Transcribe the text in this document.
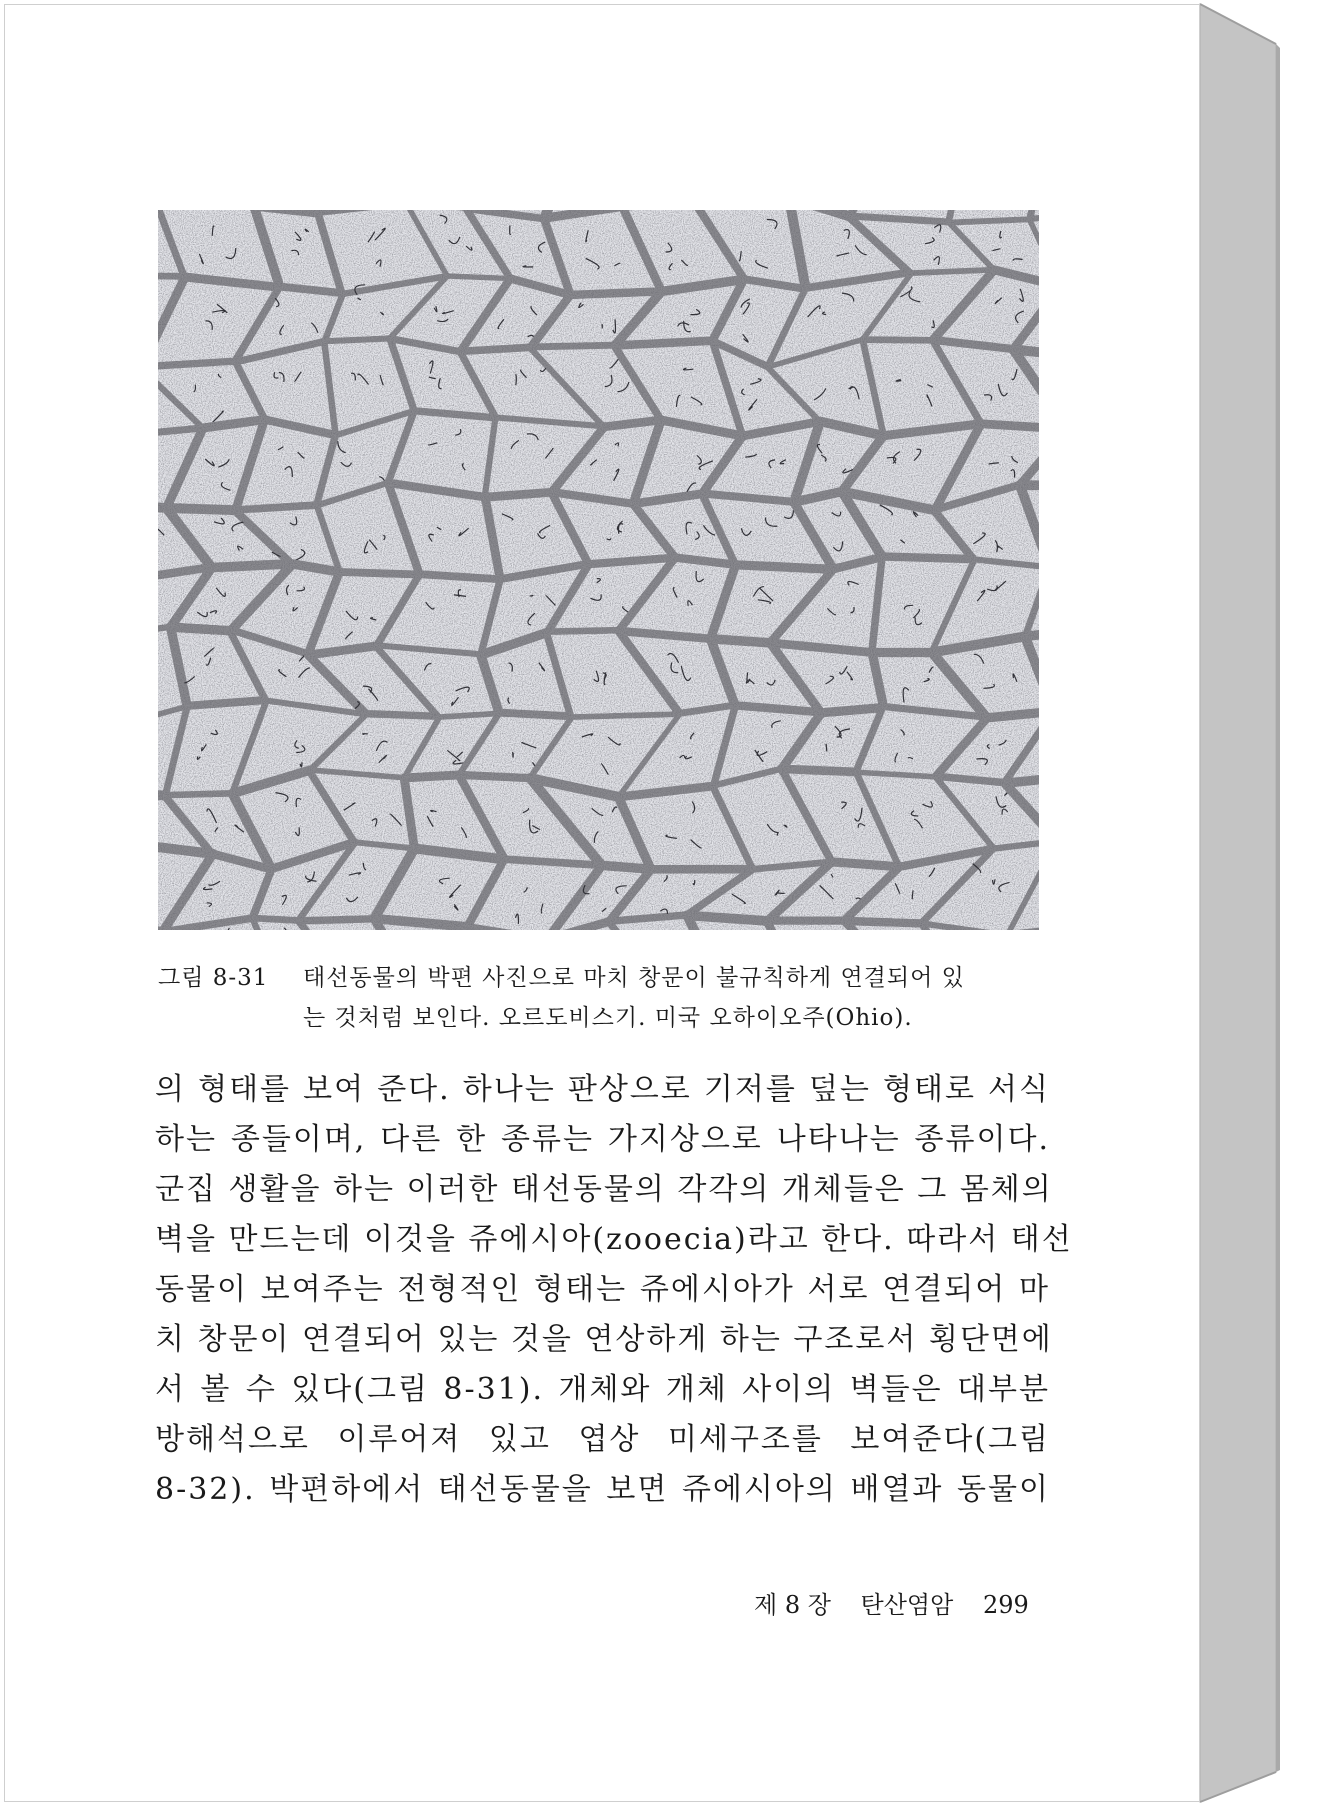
그림 8-31 태선동물의 박편 사진으로 마치 창문이 불규칙하게 연결되어 있
는 것처럼 보인다. 오르도비스기. 미국 오하이오주(Ohio).
의 형태를 보여 준다. 하나는 판상으로 기저를 덮는 형태로 서식
하는 종들이며, 다른 한 종류는 가지상으로 나타나는 종류이다.
군집 생활을 하는 이러한 태선동물의 각각의 개체들은 그 몸체의
벽을 만드는데 이것을 쥬에시아(zooecia)라고 한다. 따라서 태선
동물이 보여주는 전형적인 형태는 쥬에시아가 서로 연결되어 마
치 창문이 연결되어 있는 것을 연상하게 하는 구조로서 횡단면에
서 볼 수 있다(그림 8-31). 개체와 개체 사이의 벽들은 대부분
방해석으로 이루어져 있고 엽상 미세구조를 보여준다(그림
8-32). 박편하에서 태선동물을 보면 쥬에시아의 배열과 동물이
제 8 장 탄산염암 299
